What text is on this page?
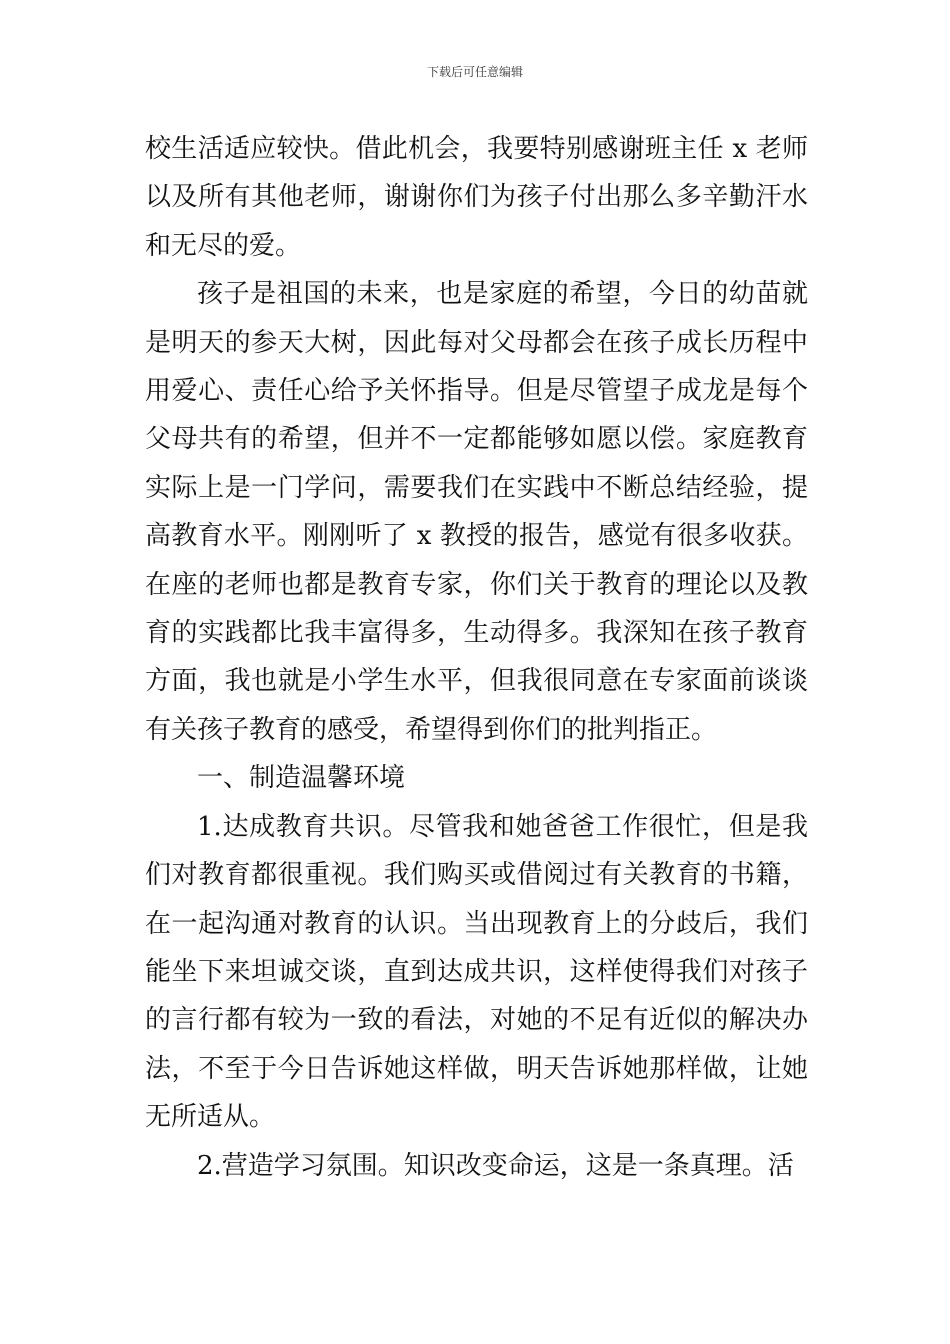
下载后可任意编辑

校生活适应较快。借此机会，我要特别感谢班主任 x 老师以及所有其他老师，谢谢你们为孩子付出那么多辛勤汗水和无尽的爱。

孩子是祖国的未来，也是家庭的希望，今日的幼苗就是明天的参天大树，因此每对父母都会在孩子成长历程中用爱心、责任心给予关怀指导。但是尽管望子成龙是每个父母共有的希望，但并不一定都能够如愿以偿。家庭教育实际上是一门学问，需要我们在实践中不断总结经验，提高教育水平。刚刚听了 x 教授的报告，感觉有很多收获。在座的老师也都是教育专家，你们关于教育的理论以及教育的实践都比我丰富得多，生动得多。我深知在孩子教育方面，我也就是小学生水平，但我很同意在专家面前谈谈有关孩子教育的感受，希望得到你们的批判指正。

一、制造温馨环境

1.达成教育共识。尽管我和她爸爸工作很忙，但是我们对教育都很重视。我们购买或借阅过有关教育的书籍，在一起沟通对教育的认识。当出现教育上的分歧后，我们能坐下来坦诚交谈，直到达成共识，这样使得我们对孩子的言行都有较为一致的看法，对她的不足有近似的解决办法，不至于今日告诉她这样做，明天告诉她那样做，让她无所适从。

2.营造学习氛围。知识改变命运，这是一条真理。活
